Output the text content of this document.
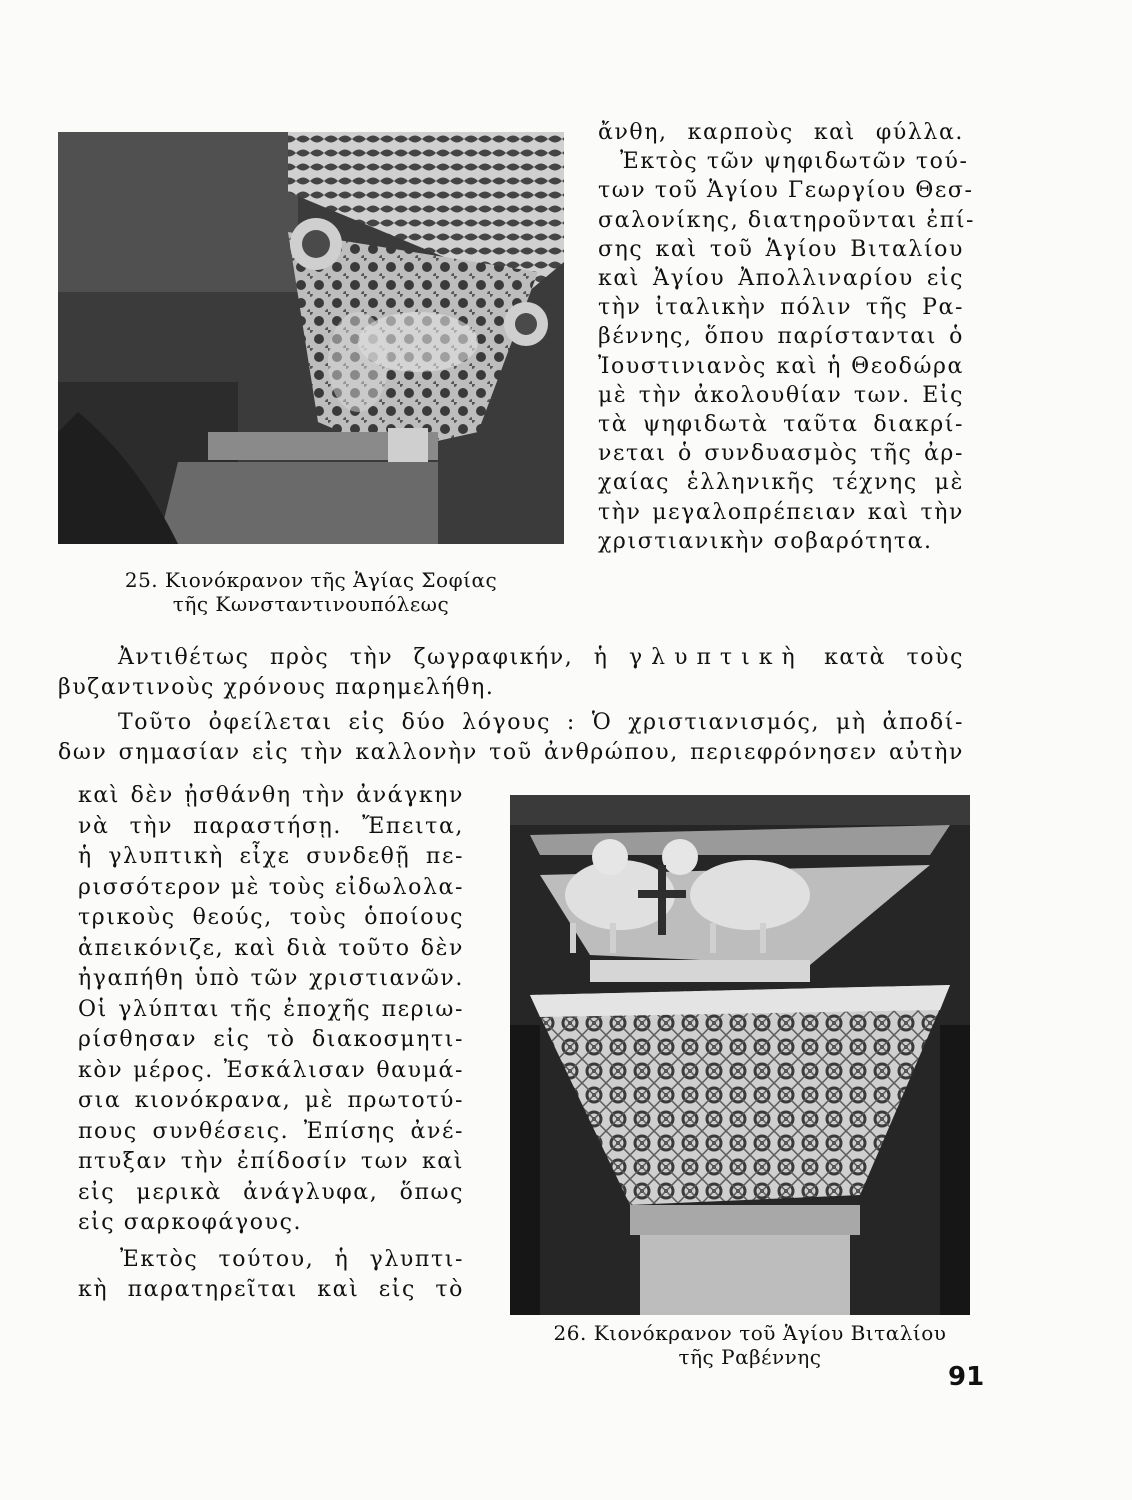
25. Κιονόκρανον τῆς Ἁγίας Σοφίας
τῆς Κωνσταντινουπόλεως
ἄνθη, καρποὺς καὶ φύλλα.
Ἐκτὸς τῶν ψηφιδωτῶν τού-
των τοῦ Ἁγίου Γεωργίου Θεσ-
σαλονίκης, διατηροῦνται ἐπί-
σης καὶ τοῦ Ἁγίου Βιταλίου
καὶ Ἁγίου Ἀπολλιναρίου εἰς
τὴν ἰταλικὴν πόλιν τῆς Ρα-
βέννης, ὅπου παρίστανται ὁ
Ἰουστινιανὸς καὶ ἡ Θεοδώρα
μὲ τὴν ἀκολουθίαν των. Εἰς
τὰ ψηφιδωτὰ ταῦτα διακρί-
νεται ὁ συνδυασμὸς τῆς ἀρ-
χαίας ἑλληνικῆς τέχνης μὲ
τὴν μεγαλοπρέπειαν καὶ τὴν
χριστιανικὴν σοβαρότητα.
Ἀντιθέτως πρὸς τὴν ζωγραφικήν, ἡ γλυπτικὴ κατὰ τοὺς
βυζαντινοὺς χρόνους παρημελήθη.
Τοῦτο ὀφείλεται εἰς δύο λόγους : Ὁ χριστιανισμός, μὴ ἀποδί-
δων σημασίαν εἰς τὴν καλλονὴν τοῦ ἀνθρώπου, περιεφρόνησεν αὐτὴν
καὶ δὲν ᾐσθάνθη τὴν ἀνάγκην
νὰ τὴν παραστήσῃ. Ἔπειτα,
ἡ γλυπτικὴ εἶχε συνδεθῇ πε-
ρισσότερον μὲ τοὺς εἰδωλολα-
τρικοὺς θεούς, τοὺς ὁποίους
ἀπεικόνιζε, καὶ διὰ τοῦτο δὲν
ἠγαπήθη ὑπὸ τῶν χριστιανῶν.
Οἱ γλύπται τῆς ἐποχῆς περιω-
ρίσθησαν εἰς τὸ διακοσμητι-
κὸν μέρος. Ἐσκάλισαν θαυμά-
σια κιονόκρανα, μὲ πρωτοτύ-
πους συνθέσεις. Ἐπίσης ἀνέ-
πτυξαν τὴν ἐπίδοσίν των καὶ
εἰς μερικὰ ἀνάγλυφα, ὅπως
εἰς σαρκοφάγους.
Ἐκτὸς τούτου, ἡ γλυπτι-
κὴ παρατηρεῖται καὶ εἰς τὸ
26. Κιονόκρανον τοῦ Ἁγίου Βιταλίου
τῆς Ραβέννης
91
